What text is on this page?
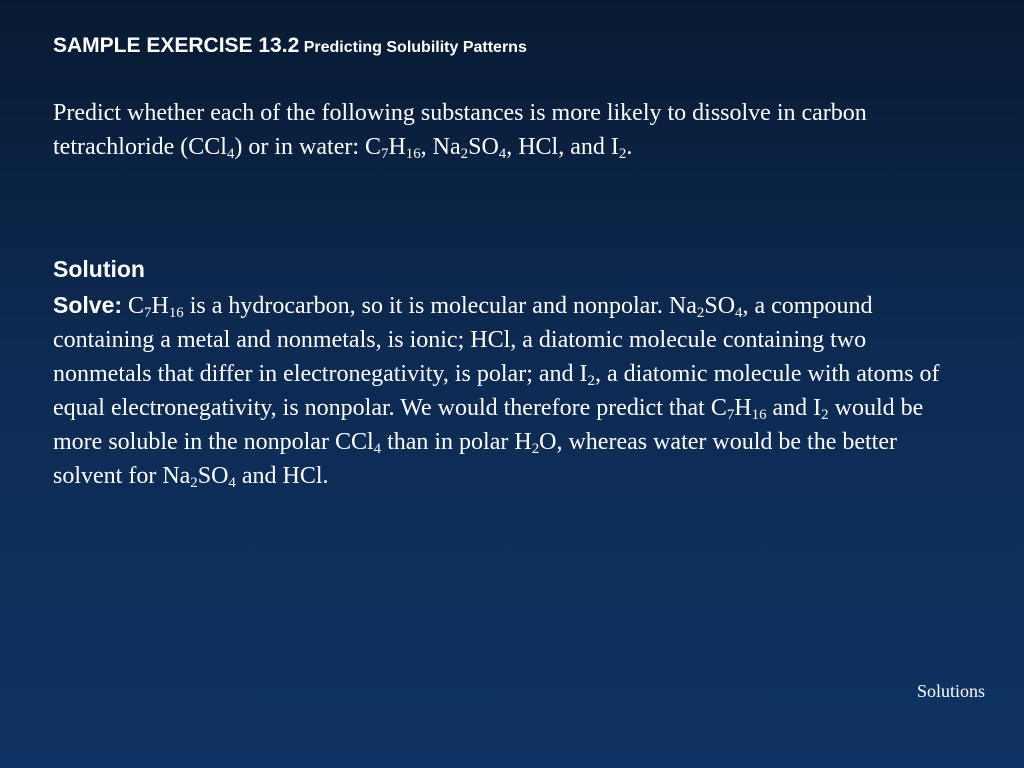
SAMPLE EXERCISE 13.2 Predicting Solubility Patterns

Predict whether each of the following substances is more likely to dissolve in carbon tetrachloride (CCl$_4$) or in water: $C_7H_{16}$, $Na_2SO_4$, HCl, and $I_2$.

Solution

Solve: $C_7H_{16}$ is a hydrocarbon, so it is molecular and nonpolar. $Na_2SO_4$, a compound containing a metal and nonmetals, is ionic; HCl, a diatomic molecule containing two nonmetals that differ in electronegativity, is polar; and $I_2$, a diatomic molecule with atoms of equal electronegativity, is nonpolar. We would therefore predict that $C_7H_{16}$ and $I_2$ would be more soluble in the nonpolar CCl$_4$ than in polar $H_2O$, whereas water would be the better solvent for $Na_2SO_4$ and HCl.

Solutions
